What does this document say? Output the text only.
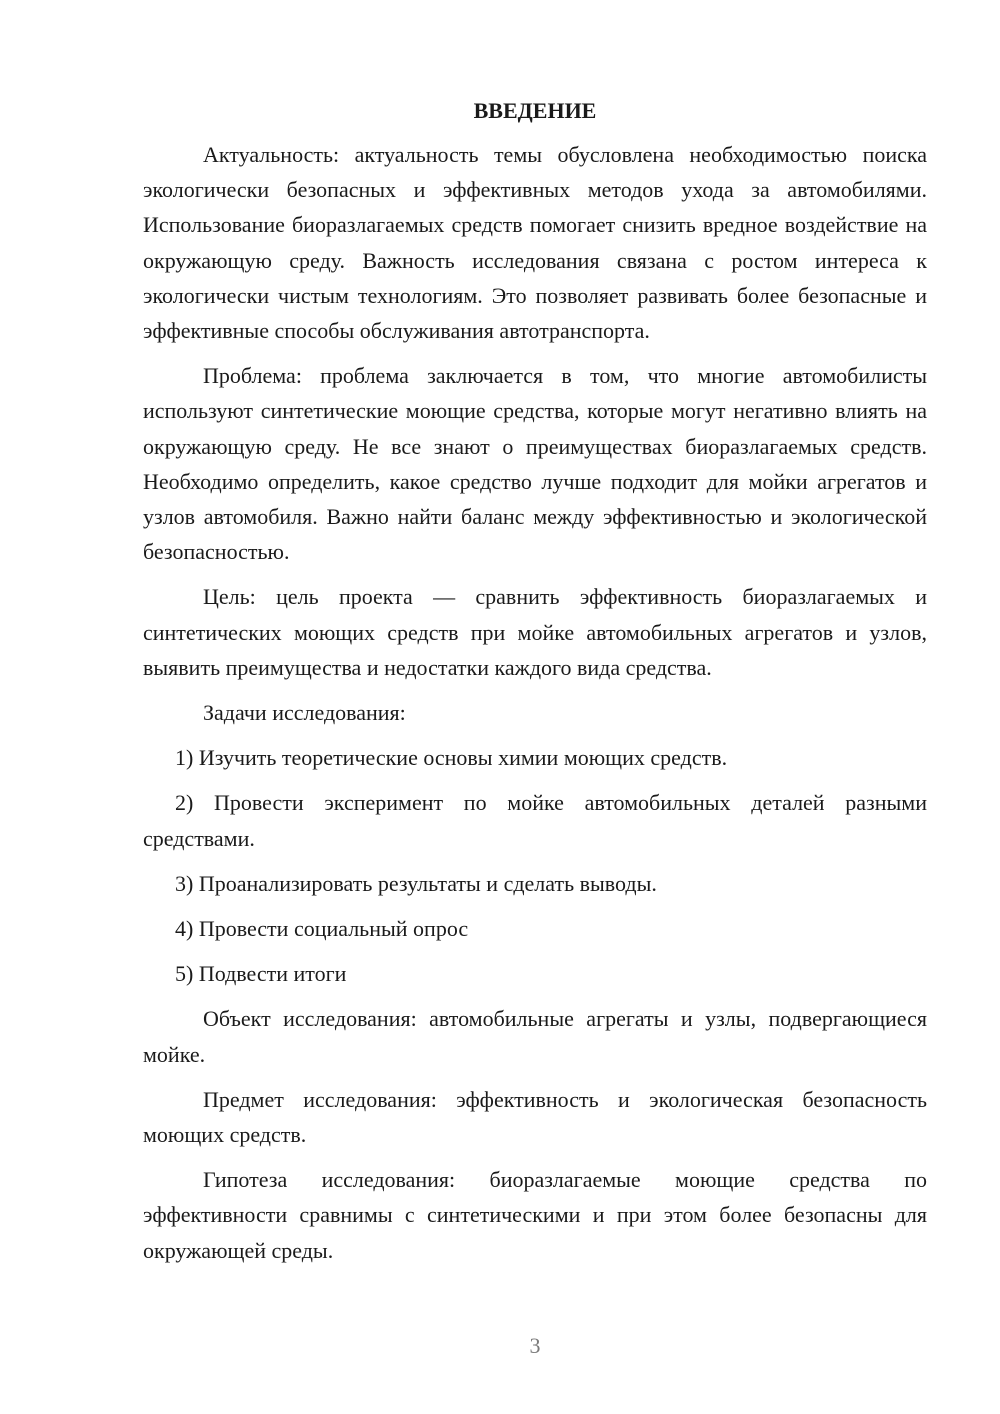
ВВЕДЕНИЕ

Актуальность: актуальность темы обусловлена необходимостью поиска экологически безопасных и эффективных методов ухода за автомобилями. Использование биоразлагаемых средств помогает снизить вредное воздействие на окружающую среду. Важность исследования связана с ростом интереса к экологически чистым технологиям. Это позволяет развивать более безопасные и эффективные способы обслуживания автотранспорта.

Проблема: проблема заключается в том, что многие автомобилисты используют синтетические моющие средства, которые могут негативно влиять на окружающую среду. Не все знают о преимуществах биоразлагаемых средств. Необходимо определить, какое средство лучше подходит для мойки агрегатов и узлов автомобиля. Важно найти баланс между эффективностью и экологической безопасностью.

Цель: цель проекта — сравнить эффективность биоразлагаемых и синтетических моющих средств при мойке автомобильных агрегатов и узлов, выявить преимущества и недостатки каждого вида средства.

Задачи исследования:

1) Изучить теоретические основы химии моющих средств.

2) Провести эксперимент по мойке автомобильных деталей разными средствами.

3) Проанализировать результаты и сделать выводы.

4) Провести социальный опрос

5) Подвести итоги

Объект исследования: автомобильные агрегаты и узлы, подвергающиеся мойке.

Предмет исследования: эффективность и экологическая безопасность моющих средств.

Гипотеза исследования: биоразлагаемые моющие средства по эффективности сравнимы с синтетическими и при этом более безопасны для окружающей среды.

3
